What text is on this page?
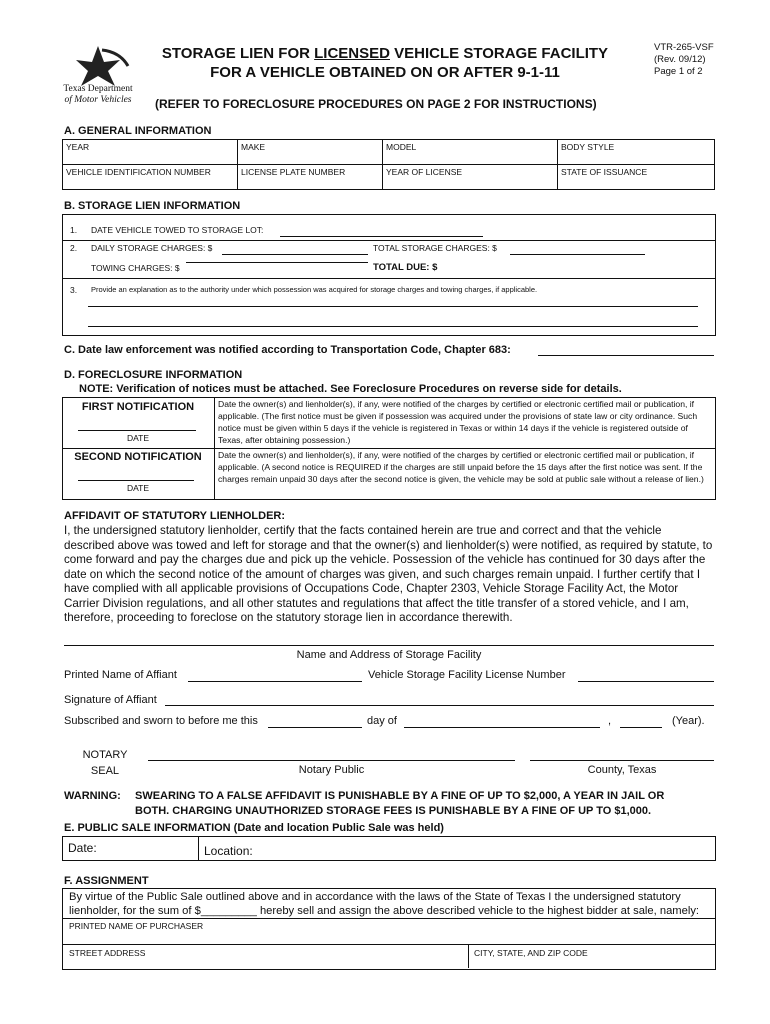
Texas Department
of Motor Vehicles
STORAGE LIEN FOR LICENSED VEHICLE STORAGE FACILITY
FOR A VEHICLE OBTAINED ON OR AFTER 9-1-11
VTR-265-VSF
(Rev. 09/12)
Page 1 of 2
(REFER TO FORECLOSURE PROCEDURES ON PAGE 2 FOR INSTRUCTIONS)
A. GENERAL INFORMATION
YEAR	MAKE	MODEL	BODY STYLE
VEHICLE IDENTIFICATION NUMBER	LICENSE PLATE NUMBER	YEAR OF LICENSE	STATE OF ISSUANCE
B. STORAGE LIEN INFORMATION
1. DATE VEHICLE TOWED TO STORAGE LOT:
2. DAILY STORAGE CHARGES: $	TOTAL STORAGE CHARGES: $
TOWING CHARGES: $	TOTAL DUE: $
3. Provide an explanation as to the authority under which possession was acquired for storage charges and towing charges, if applicable.
C. Date law enforcement was notified according to Transportation Code, Chapter 683:
D. FORECLOSURE INFORMATION
NOTE: Verification of notices must be attached. See Foreclosure Procedures on reverse side for details.
FIRST NOTIFICATION
DATE
Date the owner(s) and lienholder(s), if any, were notified of the charges by certified or electronic certified mail or publication, if applicable. (The first notice must be given if possession was acquired under the provisions of state law or city ordinance. Such notice must be given within 5 days if the vehicle is registered in Texas or within 14 days if the vehicle is registered outside of Texas, after obtaining possession.)
SECOND NOTIFICATION
DATE
Date the owner(s) and lienholder(s), if any, were notified of the charges by certified or electronic certified mail or publication, if applicable. (A second notice is REQUIRED if the charges are still unpaid before the 15 days after the first notice was sent. If the charges remain unpaid 30 days after the second notice is given, the vehicle may be sold at public sale without a release of lien.)
AFFIDAVIT OF STATUTORY LIENHOLDER:
I, the undersigned statutory lienholder, certify that the facts contained herein are true and correct and that the vehicle described above was towed and left for storage and that the owner(s) and lienholder(s) were notified, as required by statute, to come forward and pay the charges due and pick up the vehicle. Possession of the vehicle has continued for 30 days after the date on which the second notice of the amount of charges was given, and such charges remain unpaid. I further certify that I have complied with all applicable provisions of Occupations Code, Chapter 2303, Vehicle Storage Facility Act, the Motor Carrier Division regulations, and all other statutes and regulations that affect the title transfer of a stored vehicle, and I am, therefore, proceeding to foreclose on the statutory storage lien in accordance therewith.
Name and Address of Storage Facility
Printed Name of Affiant	Vehicle Storage Facility License Number
Signature of Affiant
Subscribed and sworn to before me this	day of	,	(Year).
NOTARY
SEAL	Notary Public	County, Texas
WARNING: SWEARING TO A FALSE AFFIDAVIT IS PUNISHABLE BY A FINE OF UP TO $2,000, A YEAR IN JAIL OR
BOTH. CHARGING UNAUTHORIZED STORAGE FEES IS PUNISHABLE BY A FINE OF UP TO $1,000.
E. PUBLIC SALE INFORMATION (Date and location Public Sale was held)
Date:	Location:
F. ASSIGNMENT
By virtue of the Public Sale outlined above and in accordance with the laws of the State of Texas I the undersigned statutory
lienholder, for the sum of $_________ hereby sell and assign the above described vehicle to the highest bidder at sale, namely:
PRINTED NAME OF PURCHASER
STREET ADDRESS	CITY, STATE, AND ZIP CODE
